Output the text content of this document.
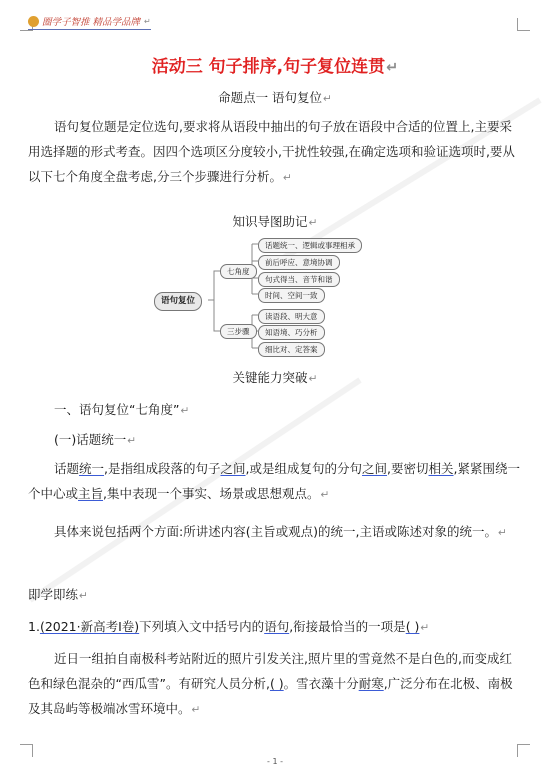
圈学子智推 精品学品牌 ↵
活动三 句子排序,句子复位连贯↵
命题点一 语句复位↵
语句复位题是定位选句,要求将从语段中抽出的句子放在语段中合适的位置上,主要采用选择题的形式考查。因四个选项区分度较小,干扰性较强,在确定选项和验证选项时,要从以下七个角度全盘考虑,分三个步骤进行分析。↵
知识导图助记↵
语句复位
七角度
话题统一、逻辑或事理相承
前后呼应、意境协调
句式得当、音节和谐
时间、空间一致
三步骤
读语段、明大意
知语境、巧分析
细比对、定答案
关键能力突破↵
一、语句复位“七角度”↵
(一)话题统一↵
话题统一,是指组成段落的句子之间,或是组成复句的分句之间,要密切相关,紧紧围绕一个中心或主旨,集中表现一个事实、场景或思想观点。↵
具体来说包括两个方面:所讲述内容(主旨或观点)的统一,主语或陈述对象的统一。↵
即学即练↵
1.(2021·新高考Ⅰ卷)下列填入文中括号内的语句,衔接最恰当的一项是( )↵
近日一组拍自南极科考站附近的照片引发关注,照片里的雪竟然不是白色的,而变成红色和绿色混杂的“西瓜雪”。有研究人员分析,( )。雪衣藻十分耐寒,广泛分布在北极、南极及其岛屿等极端冰雪环境中。↵
- 1 -
